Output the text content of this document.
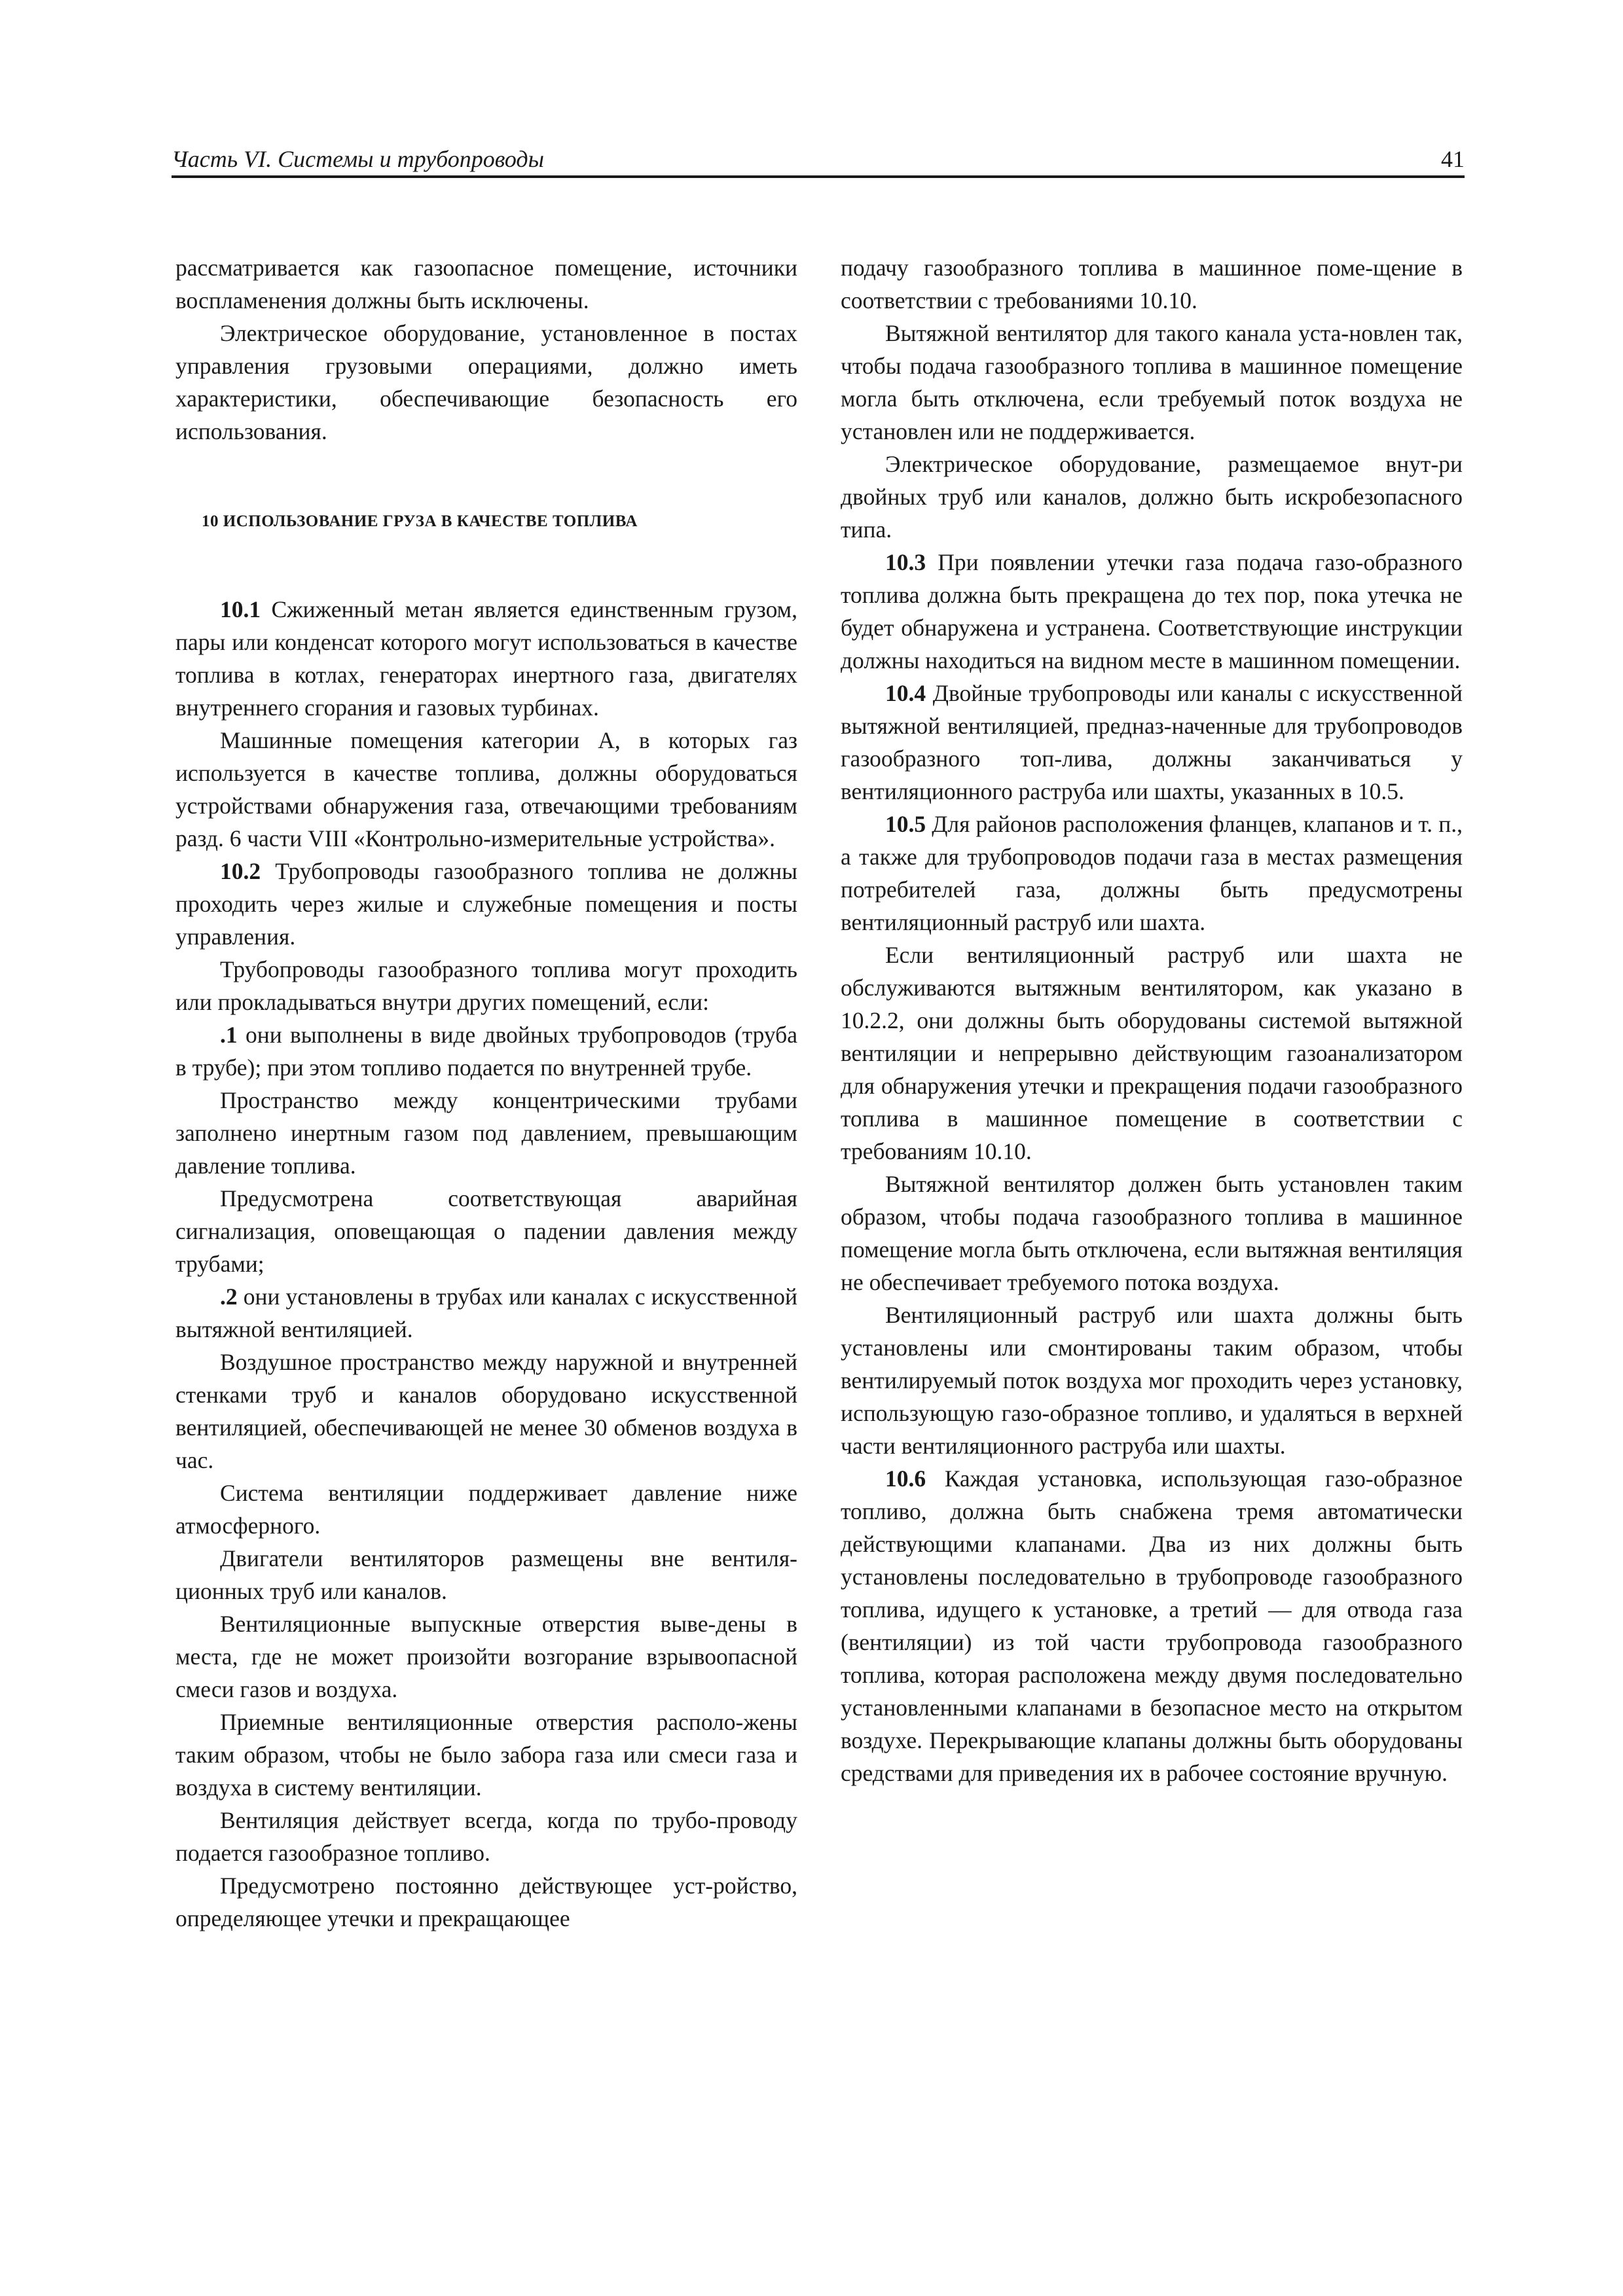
Часть VI. Системы и трубопроводы	41

рассматривается как газоопасное помещение, источники воспламенения должны быть исключены.

Электрическое оборудование, установленное в постах управления грузовыми операциями, должно иметь характеристики, обеспечивающие безопасность его использования.

10 ИСПОЛЬЗОВАНИЕ ГРУЗА В КАЧЕСТВЕ ТОПЛИВА

10.1 Сжиженный метан является единственным грузом, пары или конденсат которого могут использоваться в качестве топлива в котлах, генераторах инертного газа, двигателях внутреннего сгорания и газовых турбинах.

Машинные помещения категории А, в которых газ используется в качестве топлива, должны оборудоваться устройствами обнаружения газа, отвечающими требованиям разд. 6 части VIII «Контрольно-измерительные устройства».

10.2 Трубопроводы газообразного топлива не должны проходить через жилые и служебные помещения и посты управления.

Трубопроводы газообразного топлива могут проходить или прокладываться внутри других помещений, если:

.1 они выполнены в виде двойных трубопроводов (труба в трубе); при этом топливо подается по внутренней трубе.

Пространство между концентрическими трубами заполнено инертным газом под давлением, превышающим давление топлива.

Предусмотрена соответствующая аварийная сигнализация, оповещающая о падении давления между трубами;

.2 они установлены в трубах или каналах с искусственной вытяжной вентиляцией.

Воздушное пространство между наружной и внутренней стенками труб и каналов оборудовано искусственной вентиляцией, обеспечивающей не менее 30 обменов воздуха в час.

Система вентиляции поддерживает давление ниже атмосферного.

Двигатели вентиляторов размещены вне вентиля-ционных труб или каналов.

Вентиляционные выпускные отверстия выве-дены в места, где не может произойти возгорание взрывоопасной смеси газов и воздуха.

Приемные вентиляционные отверстия располо-жены таким образом, чтобы не было забора газа или смеси газа и воздуха в систему вентиляции.

Вентиляция действует всегда, когда по трубо-проводу подается газообразное топливо.

Предусмотрено постоянно действующее уст-ройство, определяющее утечки и прекращающее

подачу газообразного топлива в машинное поме-щение в соответствии с требованиями 10.10.

Вытяжной вентилятор для такого канала уста-новлен так, чтобы подача газообразного топлива в машинное помещение могла быть отключена, если требуемый поток воздуха не установлен или не поддерживается.

Электрическое оборудование, размещаемое внут-ри двойных труб или каналов, должно быть искробезопасного типа.

10.3 При появлении утечки газа подача газо-образного топлива должна быть прекращена до тех пор, пока утечка не будет обнаружена и устранена. Соответствующие инструкции должны находиться на видном месте в машинном помещении.

10.4 Двойные трубопроводы или каналы с искусственной вытяжной вентиляцией, предназ-наченные для трубопроводов газообразного топ-лива, должны заканчиваться у вентиляционного раструба или шахты, указанных в 10.5.

10.5 Для районов расположения фланцев, клапанов и т. п., а также для трубопроводов подачи газа в местах размещения потребителей газа, должны быть предусмотрены вентиляционный раструб или шахта.

Если вентиляционный раструб или шахта не обслуживаются вытяжным вентилятором, как указано в 10.2.2, они должны быть оборудованы системой вытяжной вентиляции и непрерывно действующим газоанализатором для обнаружения утечки и прекращения подачи газообразного топлива в машинное помещение в соответствии с требованиям 10.10.

Вытяжной вентилятор должен быть установлен таким образом, чтобы подача газообразного топлива в машинное помещение могла быть отключена, если вытяжная вентиляция не обеспечивает требуемого потока воздуха.

Вентиляционный раструб или шахта должны быть установлены или смонтированы таким образом, чтобы вентилируемый поток воздуха мог проходить через установку, использующую газо-образное топливо, и удаляться в верхней части вентиляционного раструба или шахты.

10.6 Каждая установка, использующая газо-образное топливо, должна быть снабжена тремя автоматически действующими клапанами. Два из них должны быть установлены последовательно в трубопроводе газообразного топлива, идущего к установке, а третий — для отвода газа (вентиляции) из той части трубопровода газообразного топлива, которая расположена между двумя последовательно установленными клапанами в безопасное место на открытом воздухе. Перекрывающие клапаны должны быть оборудованы средствами для приведения их в рабочее состояние вручную.
